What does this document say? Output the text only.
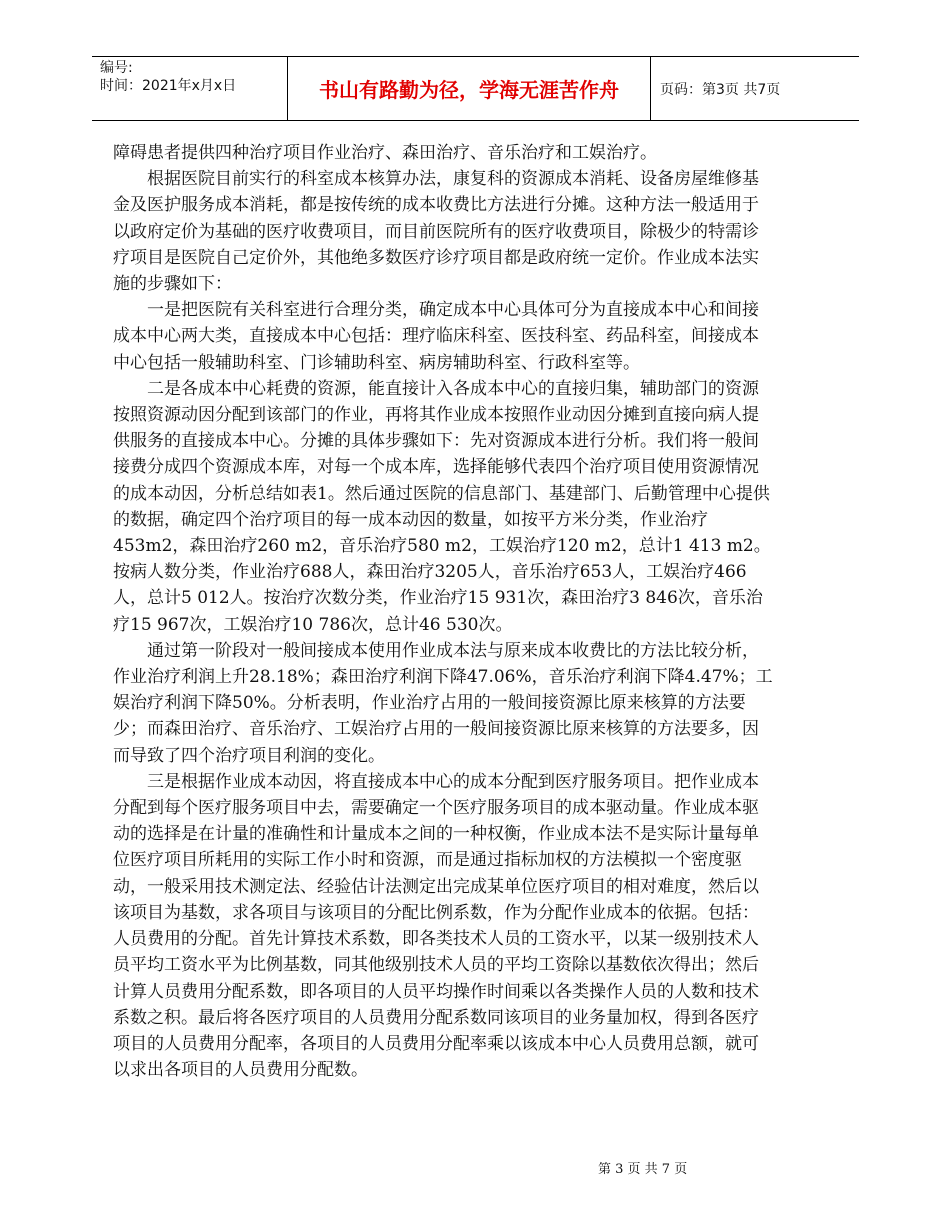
编号:
时间：2021年x月x日	书山有路勤为径，学海无涯苦作舟	页码：第3页 共7页

障碍患者提供四种治疗项目作业治疗、森田治疗、音乐治疗和工娱治疗。

根据医院目前实行的科室成本核算办法，康复科的资源成本消耗、设备房屋维修基金及医护服务成本消耗，都是按传统的成本收费比方法进行分摊。这种方法一般适用于以政府定价为基础的医疗收费项目，而目前医院所有的医疗收费项目，除极少的特需诊疗项目是医院自己定价外，其他绝多数医疗诊疗项目都是政府统一定价。作业成本法实施的步骤如下：

一是把医院有关科室进行合理分类，确定成本中心具体可分为直接成本中心和间接成本中心两大类，直接成本中心包括：理疗临床科室、医技科室、药品科室，间接成本中心包括一般辅助科室、门诊辅助科室、病房辅助科室、行政科室等。

二是各成本中心耗费的资源，能直接计入各成本中心的直接归集，辅助部门的资源按照资源动因分配到该部门的作业，再将其作业成本按照作业动因分摊到直接向病人提供服务的直接成本中心。分摊的具体步骤如下：先对资源成本进行分析。我们将一般间接费分成四个资源成本库，对每一个成本库，选择能够代表四个治疗项目使用资源情况的成本动因，分析总结如表1。然后通过医院的信息部门、基建部门、后勤管理中心提供的数据，确定四个治疗项目的每一成本动因的数量，如按平方米分类，作业治疗453m2，森田治疗260 m2，音乐治疗580 m2，工娱治疗120 m2，总计1 413 m2。按病人数分类，作业治疗688人，森田治疗3205人，音乐治疗653人，工娱治疗466人，总计5 012人。按治疗次数分类，作业治疗15 931次，森田治疗3 846次，音乐治疗15 967次，工娱治疗10 786次，总计46 530次。

通过第一阶段对一般间接成本使用作业成本法与原来成本收费比的方法比较分析，作业治疗利润上升28.18%；森田治疗利润下降47.06%，音乐治疗利润下降4.47%；工娱治疗利润下降50%。分析表明，作业治疗占用的一般间接资源比原来核算的方法要少；而森田治疗、音乐治疗、工娱治疗占用的一般间接资源比原来核算的方法要多，因而导致了四个治疗项目利润的变化。

三是根据作业成本动因，将直接成本中心的成本分配到医疗服务项目。把作业成本分配到每个医疗服务项目中去，需要确定一个医疗服务项目的成本驱动量。作业成本驱动的选择是在计量的准确性和计量成本之间的一种权衡，作业成本法不是实际计量每单位医疗项目所耗用的实际工作小时和资源，而是通过指标加权的方法模拟一个密度驱动，一般采用技术测定法、经验估计法测定出完成某单位医疗项目的相对难度，然后以该项目为基数，求各项目与该项目的分配比例系数，作为分配作业成本的依据。包括：人员费用的分配。首先计算技术系数，即各类技术人员的工资水平，以某一级别技术人员平均工资水平为比例基数，同其他级别技术人员的平均工资除以基数依次得出；然后计算人员费用分配系数，即各项目的人员平均操作时间乘以各类操作人员的人数和技术系数之积。最后将各医疗项目的人员费用分配系数同该项目的业务量加权，得到各医疗项目的人员费用分配率，各项目的人员费用分配率乘以该成本中心人员费用总额，就可以求出各项目的人员费用分配数。

第 3 页 共 7 页
